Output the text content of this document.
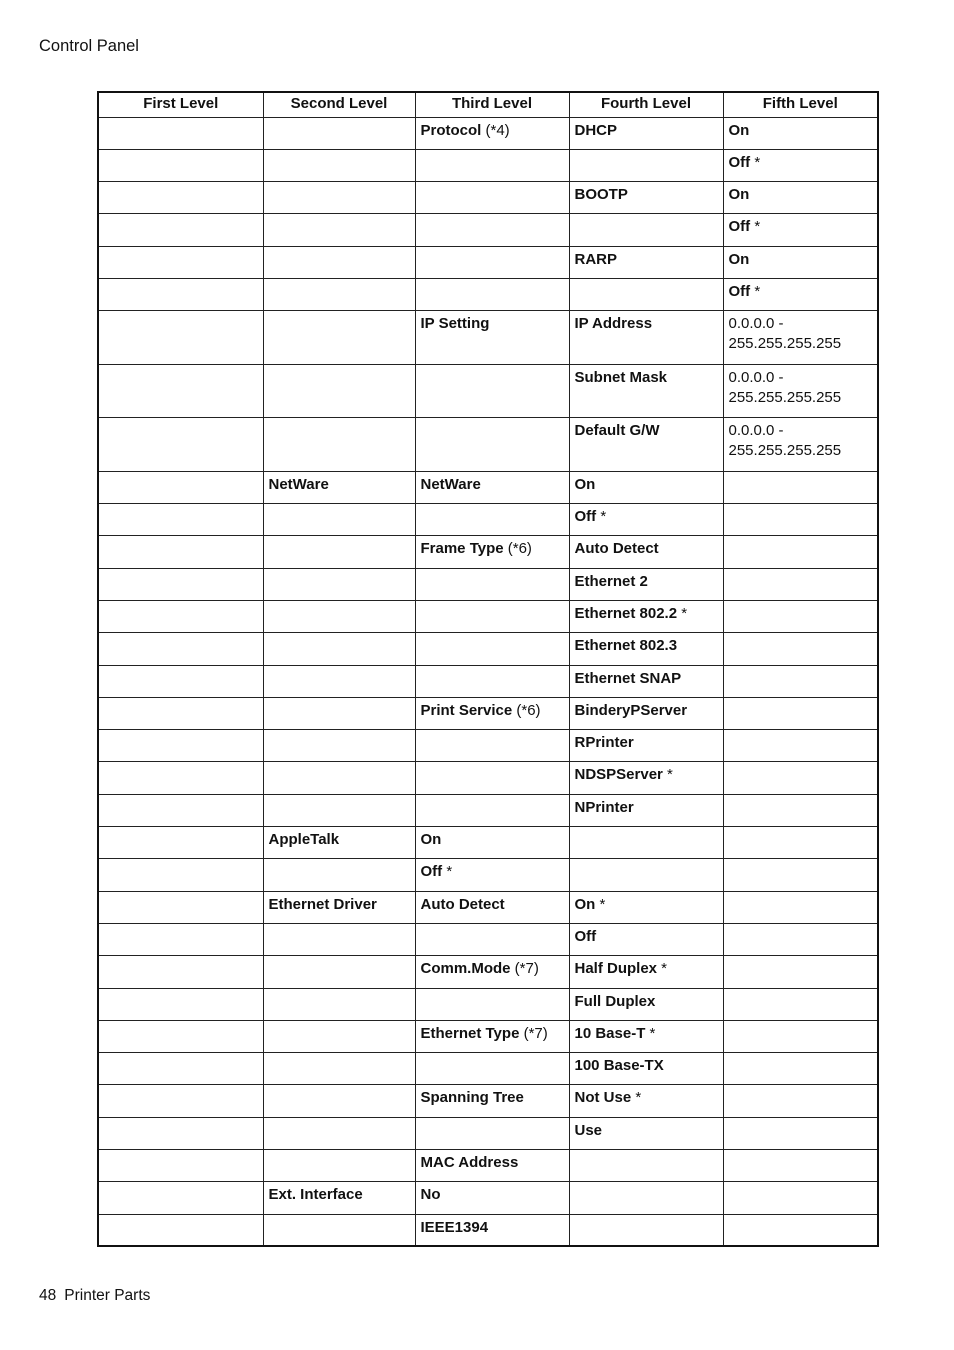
Control Panel
First Level	Second Level	Third Level	Fourth Level	Fifth Level
		Protocol (*4)	DHCP	On
				Off *
			BOOTP	On
				Off *
			RARP	On
				Off *
		IP Setting	IP Address	0.0.0.0 -
255.255.255.255
			Subnet Mask	0.0.0.0 -
255.255.255.255
			Default G/W	0.0.0.0 -
255.255.255.255
	NetWare	NetWare	On	
			Off *	
		Frame Type (*6)	Auto Detect	
			Ethernet 2	
			Ethernet 802.2 *	
			Ethernet 802.3	
			Ethernet SNAP	
		Print Service (*6)	BinderyPServer	
			RPrinter	
			NDSPServer *	
			NPrinter	
	AppleTalk	On		
		Off *		
	Ethernet Driver	Auto Detect	On *	
			Off	
		Comm.Mode (*7)	Half Duplex *	
			Full Duplex	
		Ethernet Type (*7)	10 Base-T *	
			100 Base-TX	
		Spanning Tree	Not Use *	
			Use	
		MAC Address		
	Ext. Interface	No		
		IEEE1394		
48 Printer Parts
